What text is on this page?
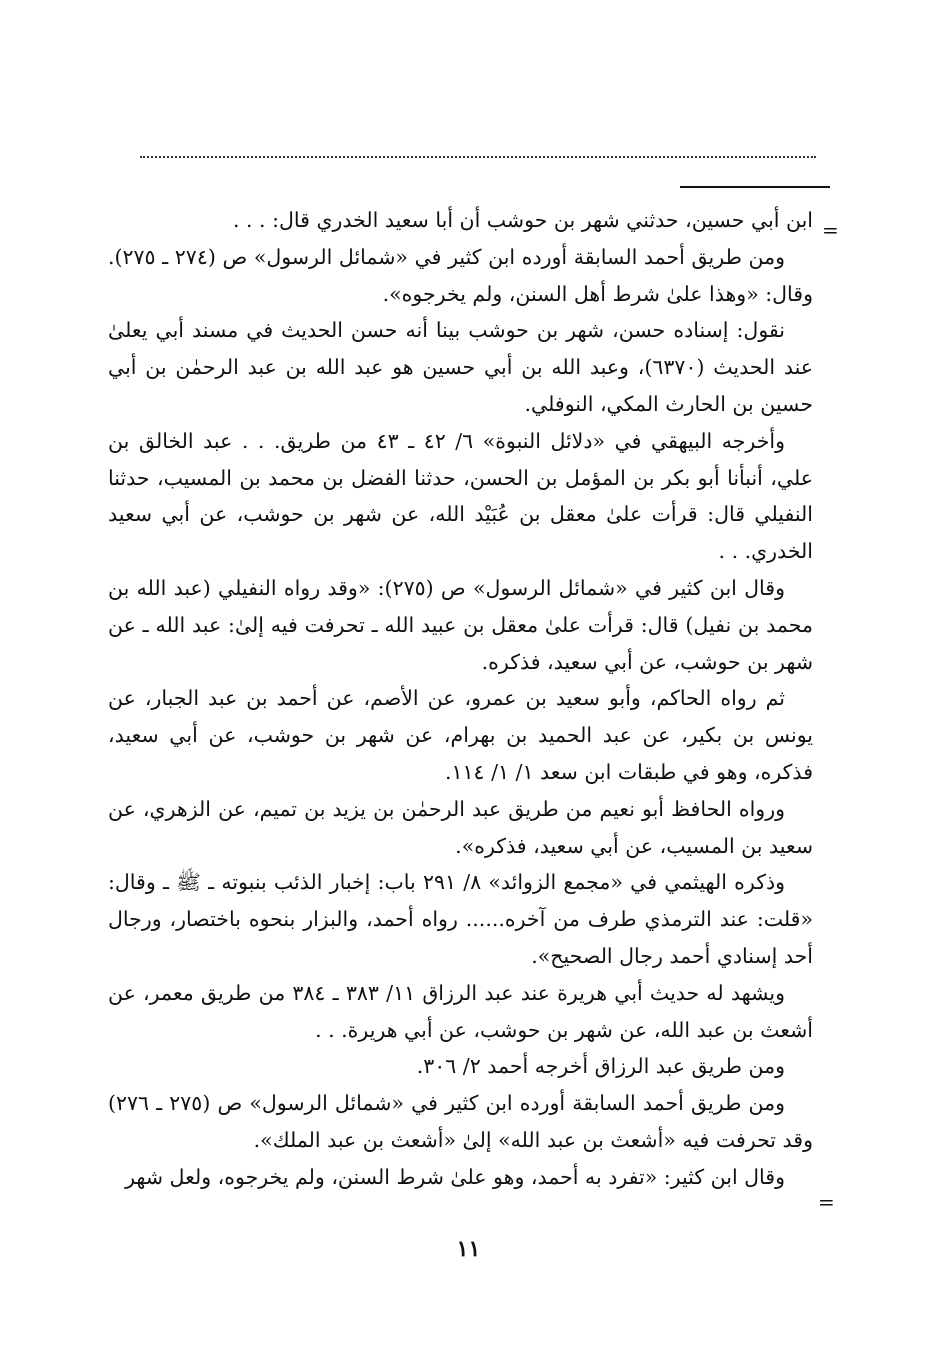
=

ابن أبي حسين، حدثني شهر بن حوشب أن أبا سعيد الخدري قال: . . .

ومن طريق أحمد السابقة أورده ابن كثير في «شمائل الرسول» ص (٢٧٤ ـ ٢٧٥). وقال: «وهذا علىٰ شرط أهل السنن، ولم يخرجوه».

نقول: إسناده حسن، شهر بن حوشب بينا أنه حسن الحديث في مسند أبي يعلىٰ عند الحديث (٦٣٧٠)، وعبد الله بن أبي حسين هو عبد الله بن عبد الرحمٰن بن أبي حسين بن الحارث المكي، النوفلي.

وأخرجه البيهقي في «دلائل النبوة» ٦/ ٤٢ ـ ٤٣ من طريق. . . عبد الخالق بن علي، أنبأنا أبو بكر بن المؤمل بن الحسن، حدثنا الفضل بن محمد بن المسيب، حدثنا النفيلي قال: قرأت علىٰ معقل بن عُبَيْد الله، عن شهر بن حوشب، عن أبي سعيد الخدري. . .

وقال ابن كثير في «شمائل الرسول» ص (٢٧٥): «وقد رواه النفيلي (عبد الله بن محمد بن نفيل) قال: قرأت علىٰ معقل بن عبيد الله ـ تحرفت فيه إلىٰ: عبد الله ـ عن شهر بن حوشب، عن أبي سعيد، فذكره.

ثم رواه الحاكم، وأبو سعيد بن عمرو، عن الأصم، عن أحمد بن عبد الجبار، عن يونس بن بكير، عن عبد الحميد بن بهرام، عن شهر بن حوشب، عن أبي سعيد، فذكره، وهو في طبقات ابن سعد ١/ ١/ ١١٤.

ورواه الحافظ أبو نعيم من طريق عبد الرحمٰن بن يزيد بن تميم، عن الزهري، عن سعيد بن المسيب، عن أبي سعيد، فذكره».

وذكره الهيثمي في «مجمع الزوائد» ٨/ ٢٩١ باب: إخبار الذئب بنبوته ـ ﷺ ـ وقال: «قلت: عند الترمذي طرف من آخره...... رواه أحمد، والبزار بنحوه باختصار، ورجال أحد إسنادي أحمد رجال الصحيح».

ويشهد له حديث أبي هريرة عند عبد الرزاق ١١/ ٣٨٣ ـ ٣٨٤ من طريق معمر، عن أشعث بن عبد الله، عن شهر بن حوشب، عن أبي هريرة. . .

ومن طريق عبد الرزاق أخرجه أحمد ٢/ ٣٠٦.

ومن طريق أحمد السابقة أورده ابن كثير في «شمائل الرسول» ص (٢٧٥ ـ ٢٧٦) وقد تحرفت فيه «أشعث بن عبد الله» إلىٰ «أشعث بن عبد الملك».

وقال ابن كثير: «تفرد به أحمد، وهو علىٰ شرط السنن، ولم يخرجوه، ولعل شهر

=
١١
